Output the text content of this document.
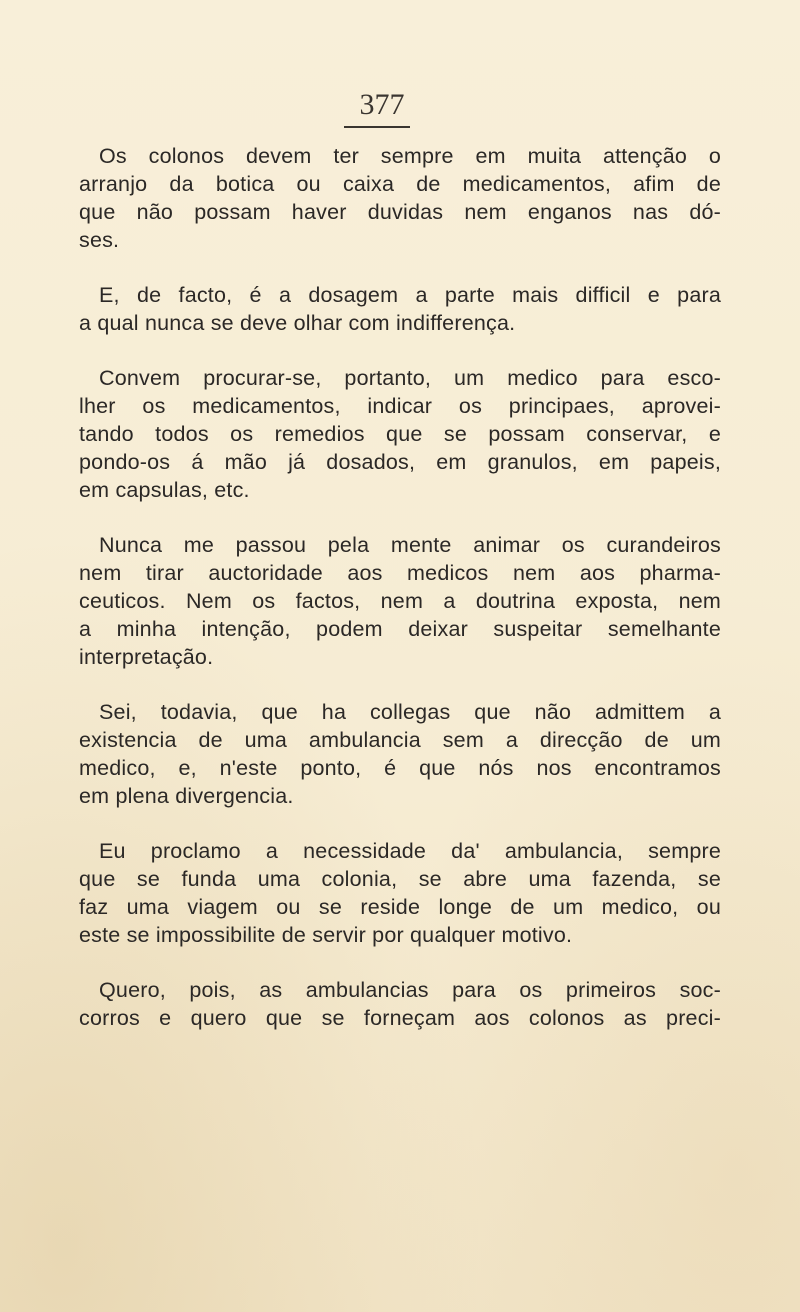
377
Os colonos devem ter sempre em muita attenção o
arranjo da botica ou caixa de medicamentos, afim de
que não possam haver duvidas nem enganos nas dó-
ses.
E, de facto, é a dosagem a parte mais difficil e para
a qual nunca se deve olhar com indifferença.
Convem procurar-se, portanto, um medico para esco-
lher os medicamentos, indicar os principaes, aprovei-
tando todos os remedios que se possam conservar, e
pondo-os á mão já dosados, em granulos, em papeis,
em capsulas, etc.
Nunca me passou pela mente animar os curandeiros
nem tirar auctoridade aos medicos nem aos pharma-
ceuticos. Nem os factos, nem a doutrina exposta, nem
a minha intenção, podem deixar suspeitar semelhante
interpretação.
Sei, todavia, que ha collegas que não admittem a
existencia de uma ambulancia sem a direcção de um
medico, e, n'este ponto, é que nós nos encontramos
em plena divergencia.
Eu proclamo a necessidade da' ambulancia, sempre
que se funda uma colonia, se abre uma fazenda, se
faz uma viagem ou se reside longe de um medico, ou
este se impossibilite de servir por qualquer motivo.
Quero, pois, as ambulancias para os primeiros soc-
corros e quero que se forneçam aos colonos as preci-
